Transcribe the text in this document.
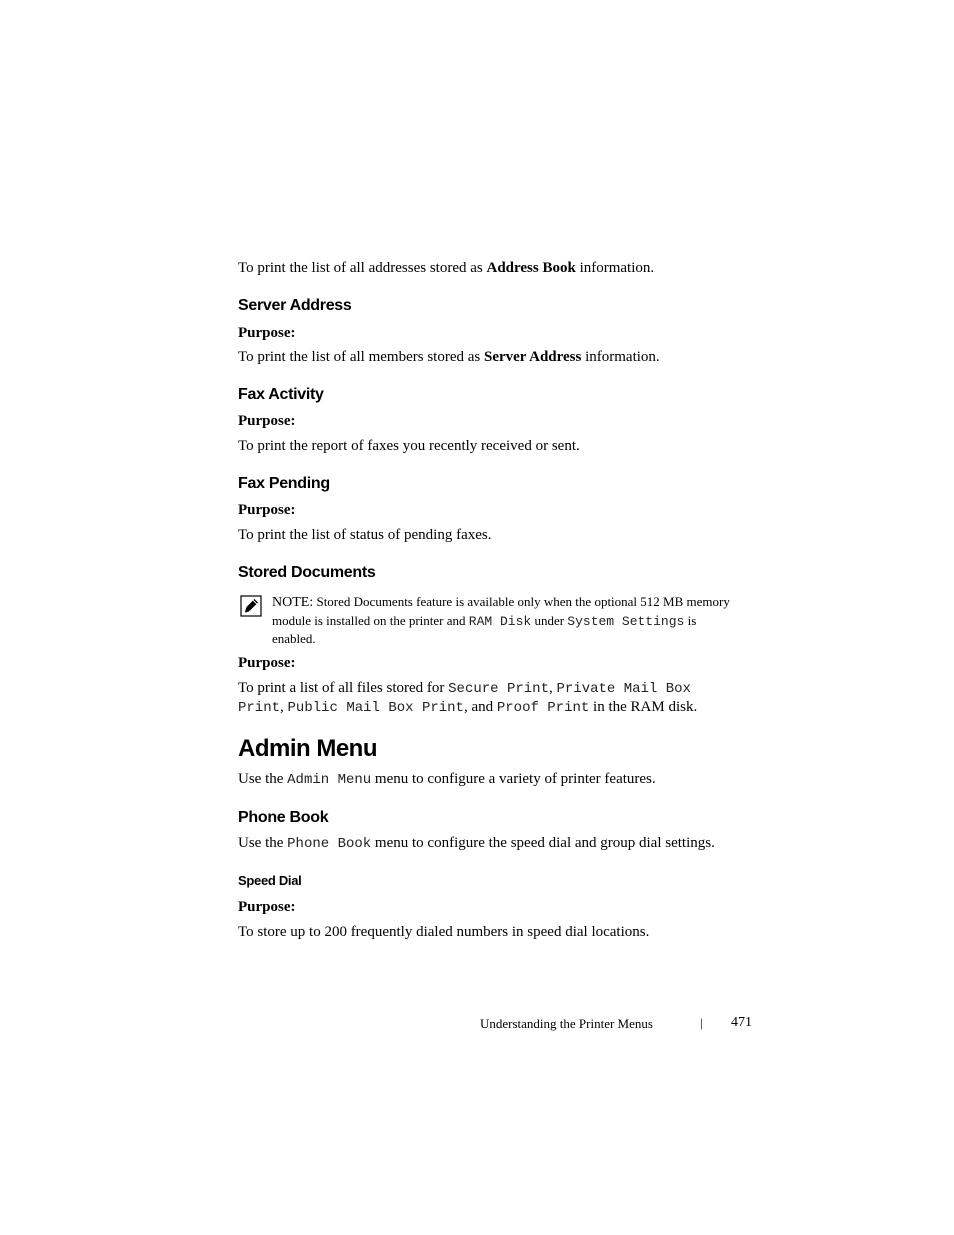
To print the list of all addresses stored as Address Book information.

Server Address

Purpose:

To print the list of all members stored as Server Address information.

Fax Activity

Purpose:

To print the report of faxes you recently received or sent.

Fax Pending

Purpose:

To print the list of status of pending faxes.

Stored Documents

NOTE: Stored Documents feature is available only when the optional 512 MB memory module is installed on the printer and RAM Disk under System Settings is enabled.

Purpose:

To print a list of all files stored for Secure Print, Private Mail Box Print, Public Mail Box Print, and Proof Print in the RAM disk.

Admin Menu

Use the Admin Menu menu to configure a variety of printer features.

Phone Book

Use the Phone Book menu to configure the speed dial and group dial settings.

Speed Dial

Purpose:

To store up to 200 frequently dialed numbers in speed dial locations.

Understanding the Printer Menus	| 471
